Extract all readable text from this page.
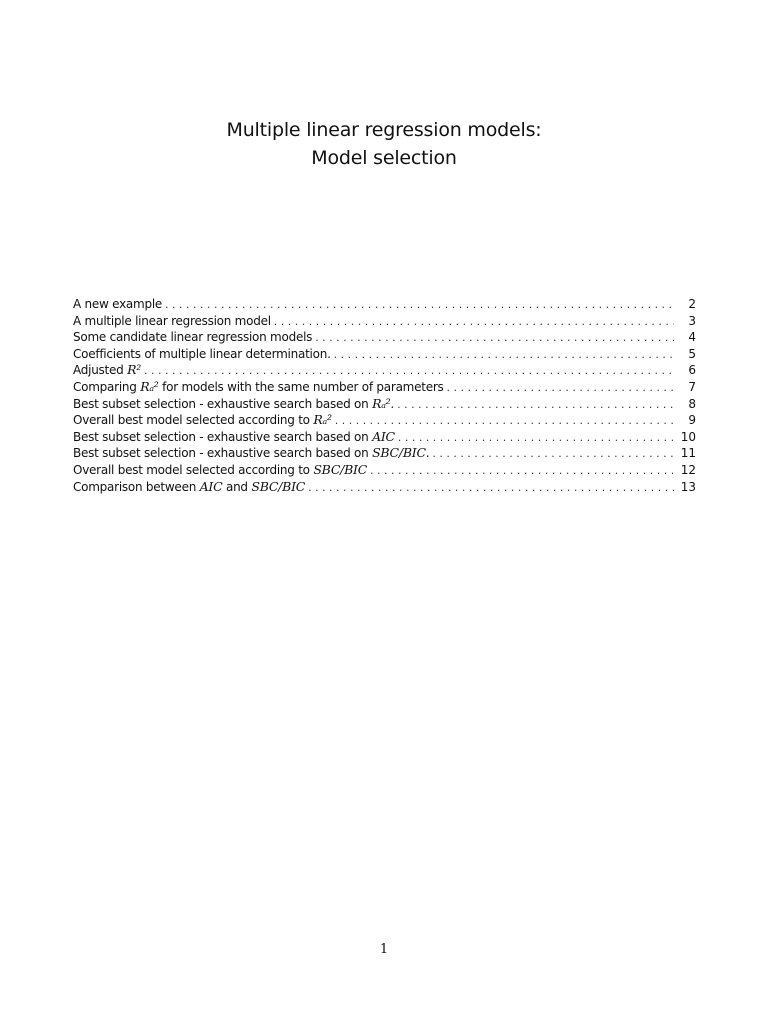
Multiple linear regression models:
Model selection
A new example . . .	2
A multiple linear regression model . . .	3
Some candidate linear regression models . . .	4
Coefficients of multiple linear determination. . . .	5
Adjusted R² . . .	6
Comparing Rₐ² for models with the same number of parameters . . .	7
Best subset selection - exhaustive search based on Rₐ². . . .	8
Overall best model selected according to Rₐ² . . .	9
Best subset selection - exhaustive search based on AIC . . .	10
Best subset selection - exhaustive search based on SBC/BIC. . . .	11
Overall best model selected according to SBC/BIC . . .	12
Comparison between AIC and SBC/BIC . . .	13
1
